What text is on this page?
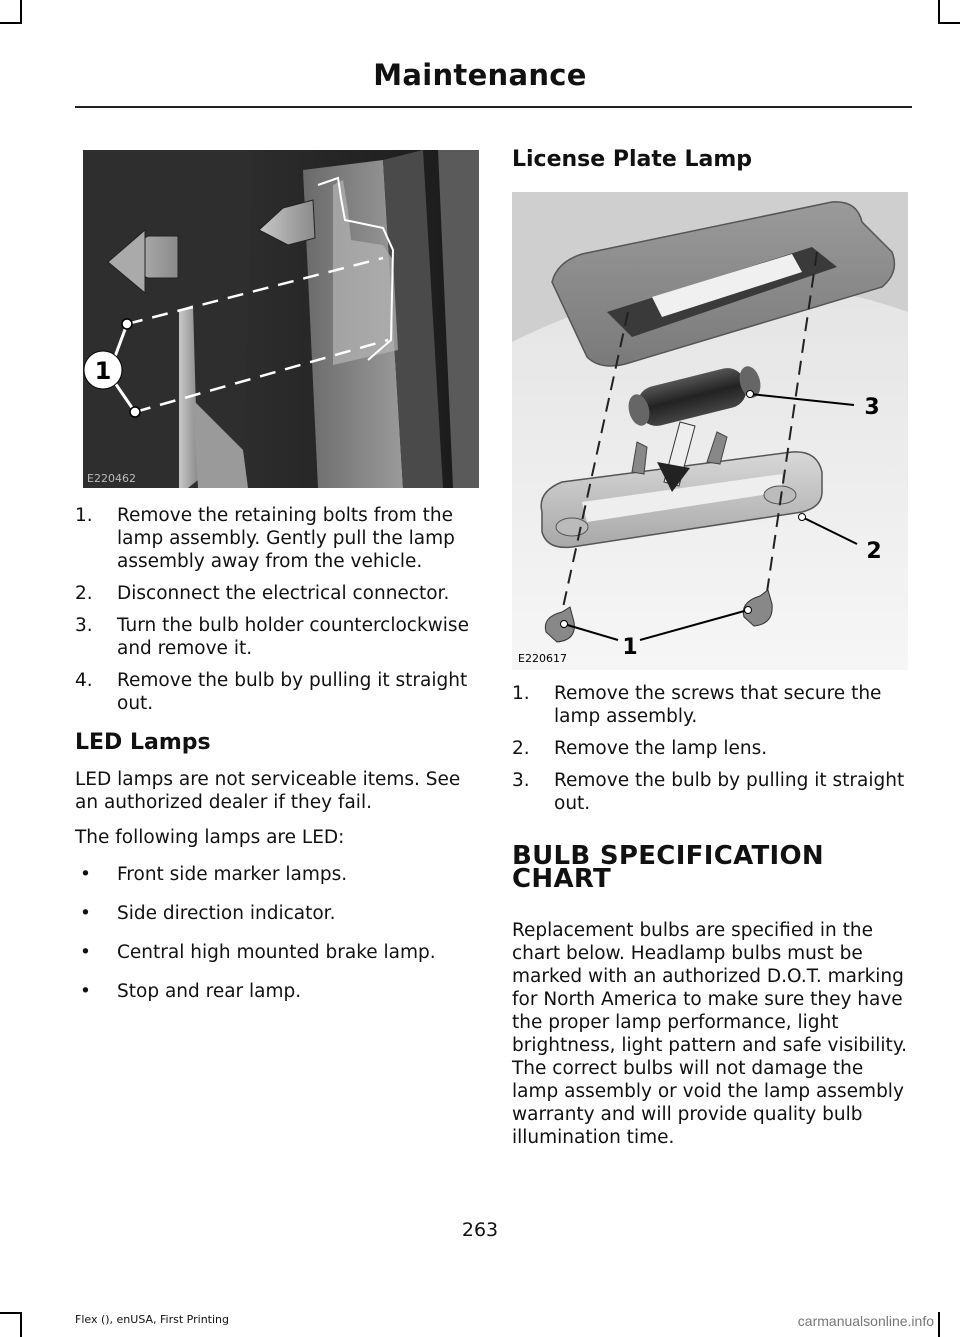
Maintenance
1
E220462
1. Remove the retaining bolts from the lamp assembly. Gently pull the lamp assembly away from the vehicle.
2. Disconnect the electrical connector.
3. Turn the bulb holder counterclockwise and remove it.
4. Remove the bulb by pulling it straight out.
LED Lamps

LED lamps are not serviceable items. See an authorized dealer if they fail.

The following lamps are LED:

• Front side marker lamps.
• Side direction indicator.
• Central high mounted brake lamp.
• Stop and rear lamp.
License Plate Lamp
3
2
1
E220617
1. Remove the screws that secure the lamp assembly.
2. Remove the lamp lens.
3. Remove the bulb by pulling it straight out.
BULB SPECIFICATION CHART

Replacement bulbs are specified in the chart below. Headlamp bulbs must be marked with an authorized D.O.T. marking for North America to make sure they have the proper lamp performance, light brightness, light pattern and safe visibility. The correct bulbs will not damage the lamp assembly or void the lamp assembly warranty and will provide quality bulb illumination time.

263
Flex (), enUSA, First Printing	carmanualsonline.info
